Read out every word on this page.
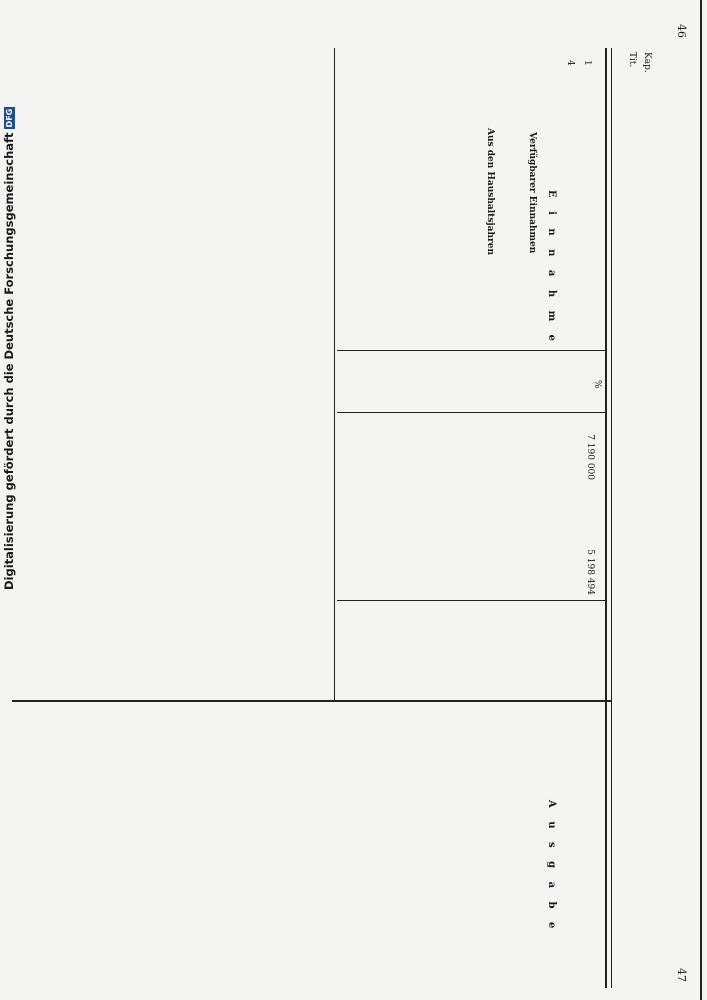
46
47
Kap.
Tit.
1
4
E i n n a h m e
Verfügbarer Einnahmen
Aus den Haushaltsjahren
%
7 190 000
5 198 494
A u s g a b e
Digitalisierung gefördert durch die Deutsche ForschungsgemeinschaftDFG
